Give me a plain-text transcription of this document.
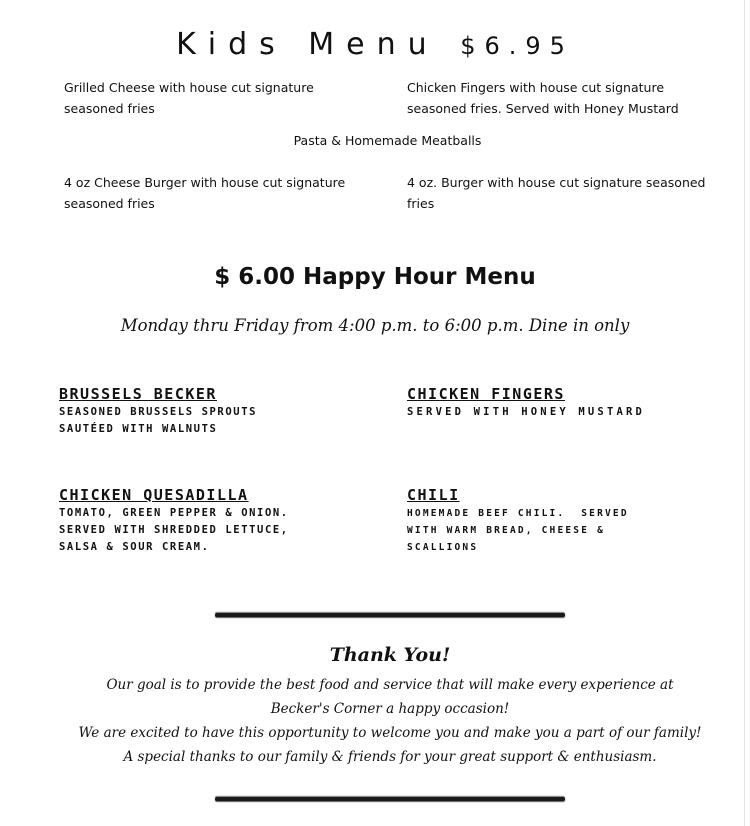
Kids Menu $6.95
Grilled Cheese with house cut signature
seasoned fries
Chicken Fingers with house cut signature
seasoned fries. Served with Honey Mustard
Pasta & Homemade Meatballs
4 oz Cheese Burger with house cut signature
seasoned fries
4 oz. Burger with house cut signature seasoned
fries
$ 6.00 Happy Hour Menu
Monday thru Friday from 4:00 p.m. to 6:00 p.m. Dine in only
BRUSSELS BECKER
SEASONED BRUSSELS SPROUTS
SAUTÉED WITH WALNUTS
CHICKEN FINGERS
SERVED WITH HONEY MUSTARD
CHICKEN QUESADILLA
TOMATO, GREEN PEPPER & ONION.
SERVED WITH SHREDDED LETTUCE,
SALSA & SOUR CREAM.
CHILI
HOMEMADE BEEF CHILI.  SERVED
WITH WARM BREAD, CHEESE &
SCALLIONS
Thank You!
Our goal is to provide the best food and service that will make every experience at
Becker's Corner a happy occasion!
We are excited to have this opportunity to welcome you and make you a part of our family!
A special thanks to our family & friends for your great support & enthusiasm.
